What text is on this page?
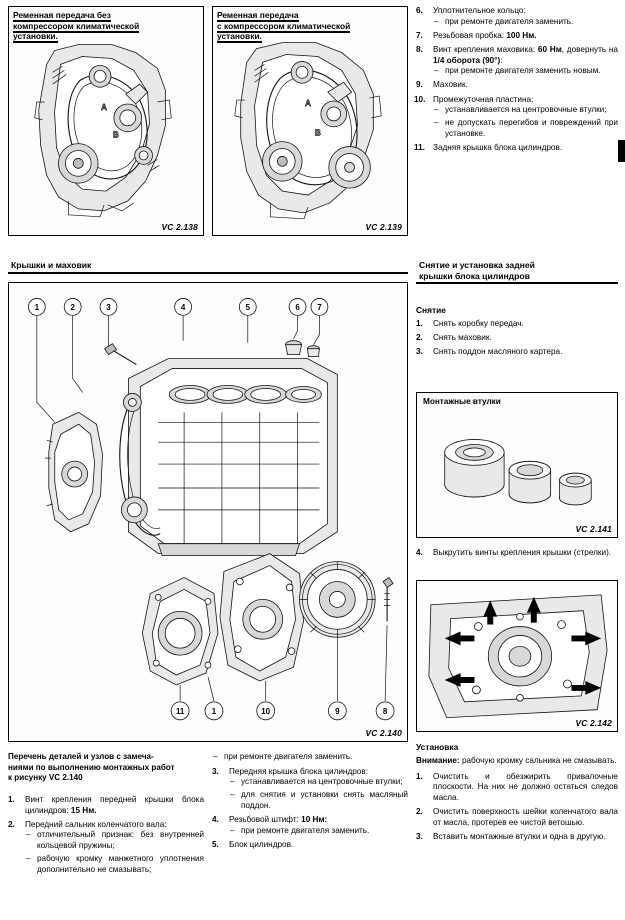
Ременная передача без
компрессором климатической
установки.
A
B
VC 2.138
Ременная передача
с компрессором климатической
установки.
A
B
VC 2.139
6.	Уплотнительное кольцо:
– при ремонте двигателя заменить.
7.	Резьбовая пробка: 100 Нм.
8.	Винт крепления маховика: 60 Нм, довернуть на 1/4 оборота (90°):
– при ремонте двигателя заменить новым.
9.	Маховик.
10. Промежуточная пластина:
– устанавливается на центровочные втулки;
– не допускать перегибов и повреждений при установке.
11. Задняя крышка блока цилиндров.
Крышки и маховик
1	2	3	4	5	6 7
11	1	10	9	8
VC 2.140
Перечень деталей и узлов с замеча-
ниями по выполнению монтажных работ
к рисунку VC 2.140
1.	Винт крепления передней крышки блока цилиндров: 15 Нм.
2.	Передний сальник коленчатого вала:
– отличительный признак: без внутренней кольцевой пружины;
– рабочую кромку манжетного уплотнения дополнительно не смазывать;
– при ремонте двигателя заменить.
3.	Передняя крышка блока цилиндров:
– устанавливается на центровочные втулки;
– для снятия и установки снять масляный поддон.
4.	Резьбовой штифт: 10 Нм:
– при ремонте двигателя заменить.
5.	Блок цилиндров.
Снятие и установка задней
крышки блока цилиндров
Снятие
1.	Снять коробку передач.
2.	Снять маховик.
3.	Снять поддон масляного картера.
Монтажные втулки
VC 2.141
4.	Выкрутить винты крепления крышки (стрелки).
VC 2.142
Установка
Внимание: рабочую кромку сальника не смазывать.
1.	Очистить и обезжирить привалочные плоскости. На них не должно остаться следов масла.
2.	Очистить поверхность шейки коленчатого вала от масла, протерев ее чистой ветошью.
3.	Вставить монтажные втулки и одна в другую.
